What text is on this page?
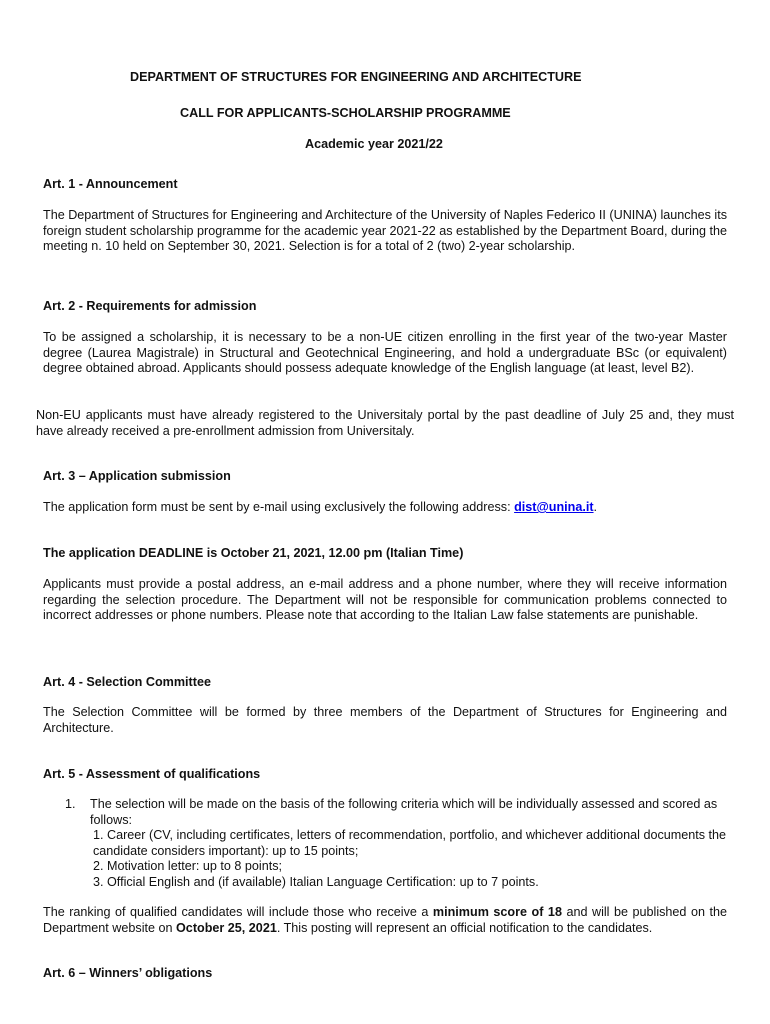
DEPARTMENT OF STRUCTURES FOR ENGINEERING AND ARCHITECTURE
CALL FOR APPLICANTS-SCHOLARSHIP PROGRAMME
Academic year 2021/22
Art. 1 - Announcement
The Department of Structures for Engineering and Architecture of the University of Naples Federico II (UNINA) launches its foreign student scholarship programme for the academic year 2021-22 as established by the Department Board, during the meeting n. 10 held on September 30, 2021. Selection is for a total of 2 (two) 2-year scholarship.
Art. 2 - Requirements for admission
To be assigned a scholarship, it is necessary to be a non-UE citizen enrolling in the first year of the two-year Master degree (Laurea Magistrale) in Structural and Geotechnical Engineering, and hold a undergraduate BSc (or equivalent) degree obtained abroad. Applicants should possess adequate knowledge of the English language (at least, level B2).
Non-EU applicants must have already registered to the Universitaly portal by the past deadline of July 25 and, they must have already received a pre-enrollment admission from Universitaly.
Art. 3 – Application submission
The application form must be sent by e-mail using exclusively the following address: dist@unina.it.
The application DEADLINE is October 21, 2021, 12.00 pm (Italian Time)
Applicants must provide a postal address, an e-mail address and a phone number, where they will receive information regarding the selection procedure. The Department will not be responsible for communication problems connected to incorrect addresses or phone numbers. Please note that according to the Italian Law false statements are punishable.
Art. 4 - Selection Committee
The Selection Committee will be formed by three members of the Department of Structures for Engineering and Architecture.
Art. 5 - Assessment of qualifications
1. The selection will be made on the basis of the following criteria which will be individually assessed and scored as follows:
1. Career (CV, including certificates, letters of recommendation, portfolio, and whichever additional documents the candidate considers important): up to 15 points;
2. Motivation letter: up to 8 points;
3. Official English and (if available) Italian Language Certification: up to 7 points.
The ranking of qualified candidates will include those who receive a minimum score of 18 and will be published on the Department website on October 25, 2021. This posting will represent an official notification to the candidates.
Art. 6 – Winners’ obligations
